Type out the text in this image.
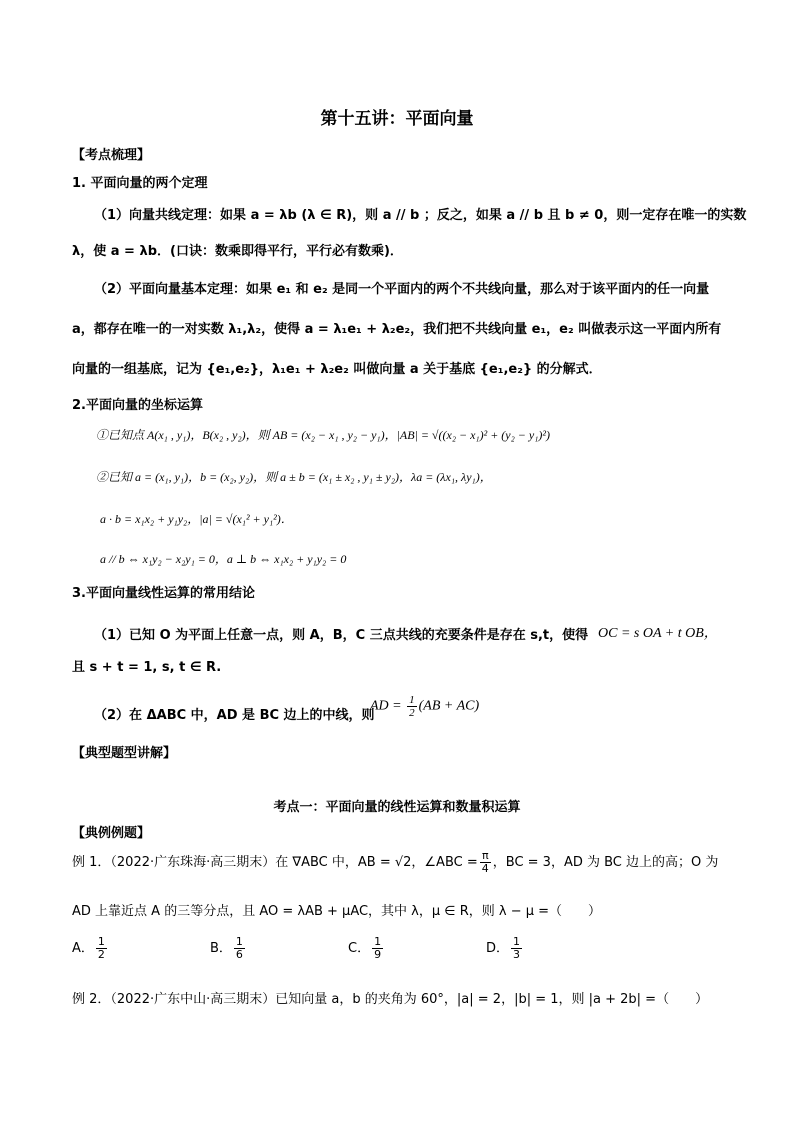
第十五讲：平面向量
【考点梳理】
1. 平面向量的两个定理
（1）向量共线定理：如果 a = λb (λ ∈ R)，则 a // b ；反之，如果 a // b 且 b ≠ 0，则一定存在唯一的实数
λ，使 a = λb．(口诀：数乘即得平行，平行必有数乘)．
（2）平面向量基本定理：如果 e₁ 和 e₂ 是同一个平面内的两个不共线向量，那么对于该平面内的任一向量
a，都存在唯一的一对实数 λ₁,λ₂，使得 a = λ₁e₁ + λ₂e₂，我们把不共线向量 e₁，e₂ 叫做表示这一平面内所有
向量的一组基底，记为 {e₁,e₂}，λ₁e₁ + λ₂e₂ 叫做向量 a 关于基底 {e₁,e₂} 的分解式．
2.平面向量的坐标运算
①已知点 A(x₁ , y₁)，B(x₂ , y₂)，则 AB = (x₂ − x₁ , y₂ − y₁)，|AB| = √((x₂ − x₁)² + (y₂ − y₁)²)
②已知 a = (x₁, y₁)，b = (x₂, y₂)，则 a ± b = (x₁ ± x₂ , y₁ ± y₂)，λa = (λx₁, λy₁)，
a · b = x₁x₂ + y₁y₂，|a| = √(x₁² + y₁²)．
a // b ⇔ x₁y₂ − x₂y₁ = 0，a ⊥ b ⇔ x₁x₂ + y₁y₂ = 0
3.平面向量线性运算的常用结论
（1）已知 O 为平面上任意一点，则 A，B，C 三点共线的充要条件是存在 s,t，使得 OC = s OA + t OB，
且 s + t = 1, s, t ∈ R.
（2）在 ΔABC 中，AD 是 BC 边上的中线，则
AD = $\frac{1}{2} (AB + AC)$
【典型题型讲解】
考点一：平面向量的线性运算和数量积运算
【典例例题】
例 1．（2022·广东珠海·高三期末）在 ∇ABC 中，AB = √2，∠ABC = $\frac{\pi}{4}$ ，BC = 3，AD 为 BC 边上的高；O 为
AD 上靠近点 A 的三等分点，且 AO = λAB + μAC，其中 λ，μ ∈ R，则 λ − μ =（　　）
A． $\frac{1}{2}$	B． $\frac{1}{6}$	C． $\frac{1}{9}$	D． $\frac{1}{3}$
例 2．（2022·广东中山·高三期末）已知向量 a，b 的夹角为 60°，|a| = 2，|b| = 1，则 |a + 2b| =（　　）
